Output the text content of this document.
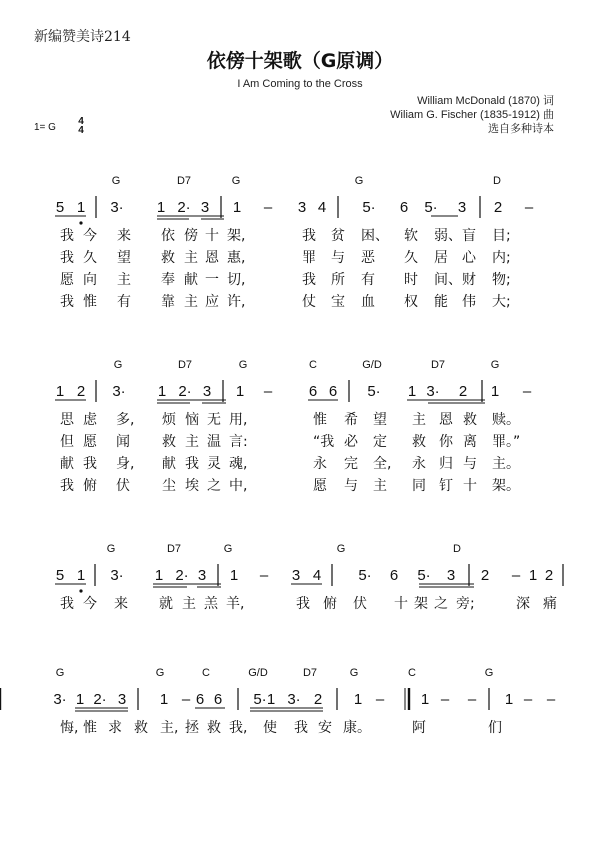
新编赞美诗214
依傍十架歌（G原调）
I Am Coming to the Cross
William McDonald (1870) 词
Wiliam G. Fischer (1835-1912) 曲
选自多种诗本
1= G
4
4
G	D7	G	G	D
5 1 3· 1 2· 3 1 – 3 4 5· 6 5· 3 2 –
我 今 来 依 傍 十 架,	我 贫 困、 软 弱、 盲 目;
我 久 望 救 主 恩 惠,	罪 与 恶 久 居 心 内;
愿 向 主 奉 献 一 切,	我 所 有 时 间、 财 物;
我 惟 有 靠 主 应 许,	仗 宝 血 权 能 伟 大;
G	D7	G	C	G/D	D7	G
1 2 3· 1 2· 3 1 – 6 6 5· 1 3· 2 1 –
思 虑 多, 烦 恼 无 用,	惟 希 望 主 恩 救 赎。
但 愿 闻 救 主 温 言:	“我 必 定 救 你 离 罪。”
献 我 身, 献 我 灵 魂,	永 完 全, 永 归 与 主。
我 俯 伏 尘 埃 之 中,	愿 与 主 同 钉 十 架。
G	D7	G	G	D
5 1 3· 1 2· 3 1 – 3 4 5· 6 5· 3 2 – 1 2
我 今 来 就 主 羔 羊,	我 俯 伏 十 架 之 旁;	深 痛
G	G	C	G/D	D7	G	C	G
3· 1 2· 3 1 – 6 6 5· 1 3· 2 1 – 1 – – 1 – –
悔, 惟 求 救 主, 拯 救 我, 使 我 安 康。	阿	们
